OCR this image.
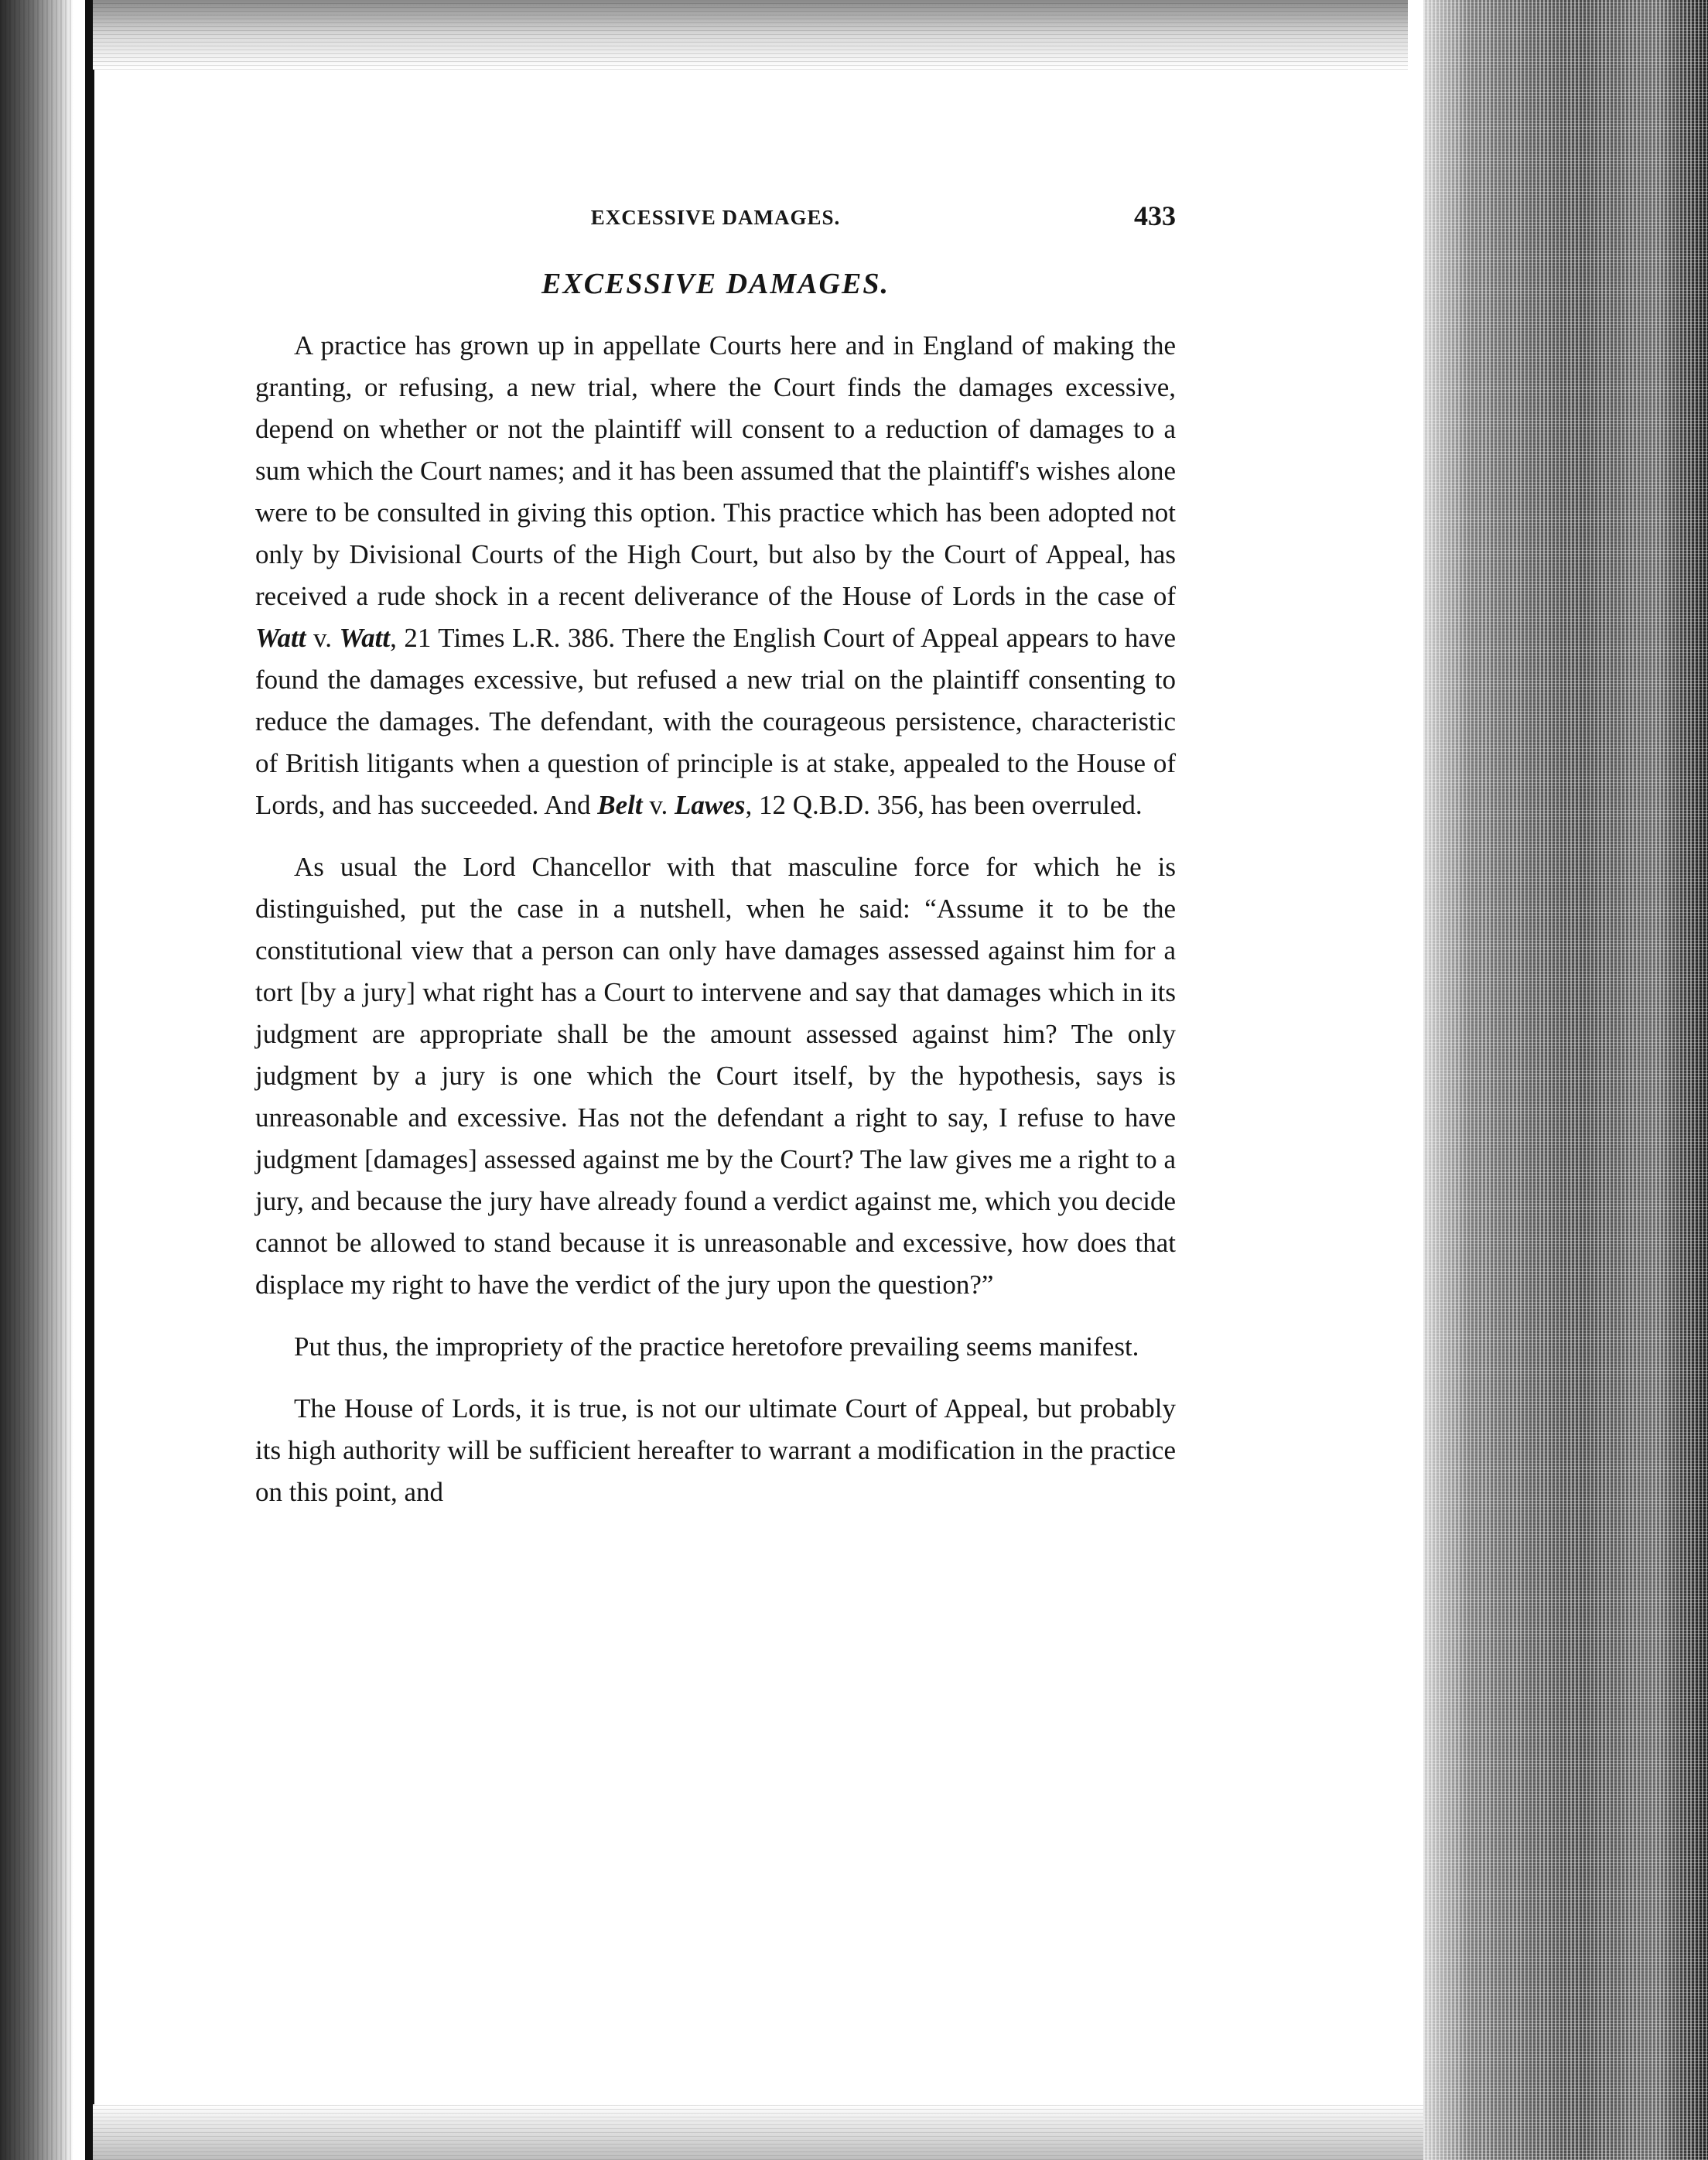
EXCESSIVE DAMAGES.	433
EXCESSIVE DAMAGES.

A practice has grown up in appellate Courts here and in England of making the granting, or refusing, a new trial, where the Court finds the damages excessive, depend on whether or not the plaintiff will consent to a reduction of damages to a sum which the Court names; and it has been assumed that the plaintiff's wishes alone were to be consulted in giving this option. This practice which has been adopted not only by Divisional Courts of the High Court, but also by the Court of Appeal, has received a rude shock in a recent deliverance of the House of Lords in the case of Watt v. Watt, 21 Times L.R. 386. There the English Court of Appeal appears to have found the damages excessive, but refused a new trial on the plaintiff consenting to reduce the damages. The defendant, with the courageous persistence, characteristic of British litigants when a question of principle is at stake, appealed to the House of Lords, and has succeeded. And Belt v. Lawes, 12 Q.B.D. 356, has been overruled.

As usual the Lord Chancellor with that masculine force for which he is distinguished, put the case in a nutshell, when he said: “Assume it to be the constitutional view that a person can only have damages assessed against him for a tort [by a jury] what right has a Court to intervene and say that damages which in its judgment are appropriate shall be the amount assessed against him? The only judgment by a jury is one which the Court itself, by the hypothesis, says is unreasonable and excessive. Has not the defendant a right to say, I refuse to have judgment [damages] assessed against me by the Court? The law gives me a right to a jury, and because the jury have already found a verdict against me, which you decide cannot be allowed to stand because it is unreasonable and excessive, how does that displace my right to have the verdict of the jury upon the question?”

Put thus, the impropriety of the practice heretofore prevailing seems manifest.

The House of Lords, it is true, is not our ultimate Court of Appeal, but probably its high authority will be sufficient hereafter to warrant a modification in the practice on this point, and
